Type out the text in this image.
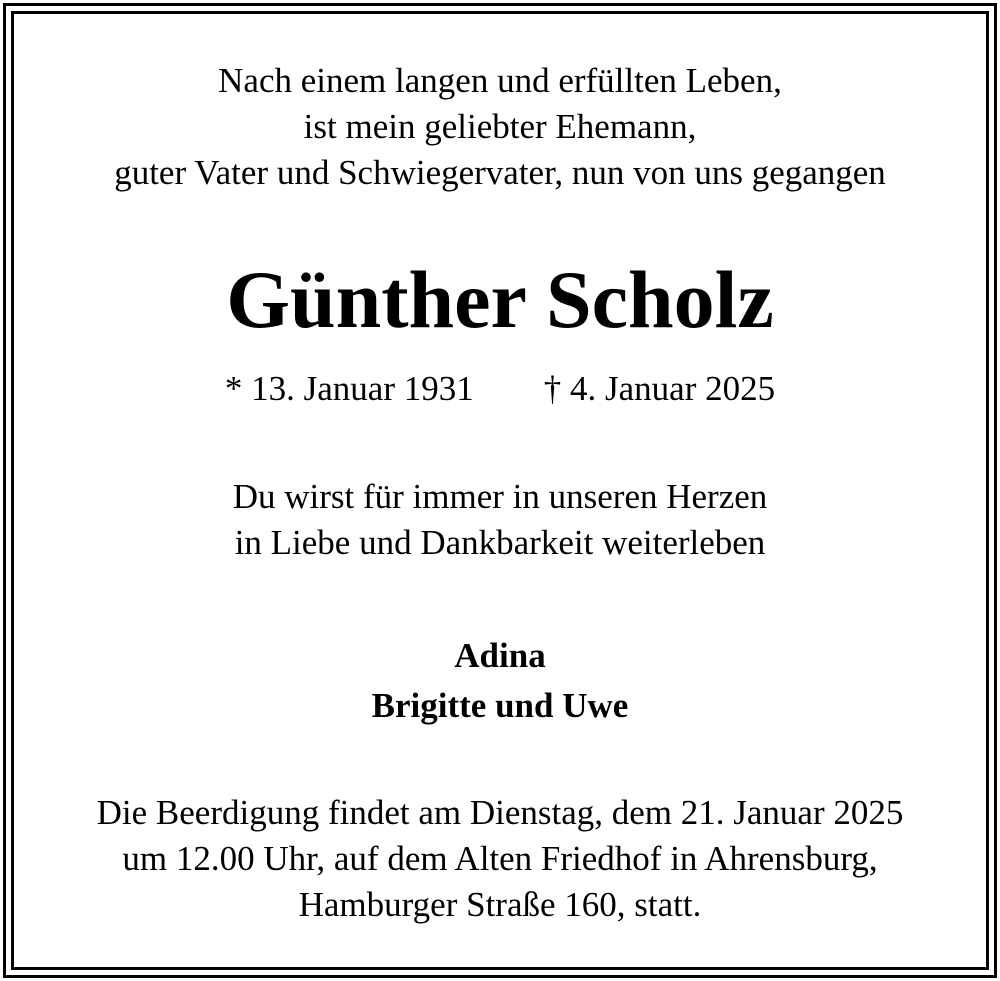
Nach einem langen und erfüllten Leben,
ist mein geliebter Ehemann,
guter Vater und Schwiegervater, nun von uns gegangen
Günther Scholz
* 13. Januar 1931 † 4. Januar 2025
Du wirst für immer in unseren Herzen
in Liebe und Dankbarkeit weiterleben
Adina
Brigitte und Uwe
Die Beerdigung findet am Dienstag, dem 21. Januar 2025
um 12.00 Uhr, auf dem Alten Friedhof in Ahrensburg,
Hamburger Straße 160, statt.
